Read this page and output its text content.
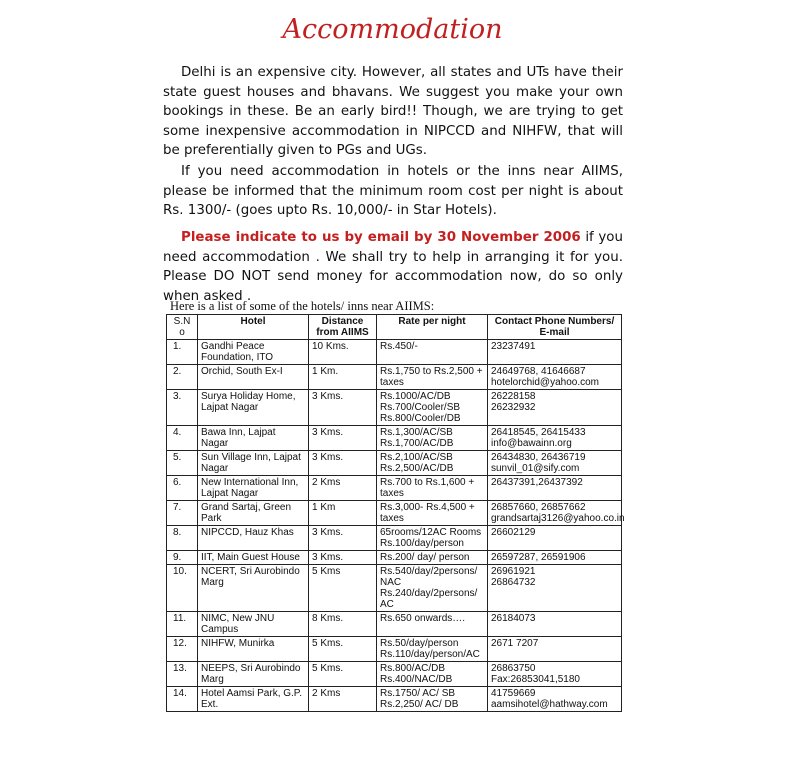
Accommodation

Delhi is an expensive city. However, all states and UTs have their state guest houses and bhavans. We suggest you make your own bookings in these. Be an early bird!! Though, we are trying to get some inexpensive accommodation in NIPCCD and NIHFW, that will be preferentially given to PGs and UGs.

If you need accommodation in hotels or the inns near AIIMS, please be informed that the minimum room cost per night is about Rs. 1300/- (goes upto Rs. 10,000/- in Star Hotels).

Please indicate to us by email by 30 November 2006 if you need accommodation . We shall try to help in arranging it for you. Please DO NOT send money for accommodation now, do so only when asked .

Here is a list of some of the hotels/ inns near AIIMS:
S.N o	Hotel	Distance from AIIMS	Rate per night	Contact Phone Numbers/ E-mail
1.	Gandhi Peace Foundation, ITO	10 Kms.	Rs.450/-	23237491

2.	Orchid, South Ex-I	1 Km.	Rs.1,750 to Rs.2,500 + taxes	24649768, 41646687
hotelorchid@yahoo.com

3.	Surya Holiday Home, Lajpat Nagar	3 Kms.	Rs.1000/AC/DB
Rs.700/Cooler/SB
Rs.800/Cooler/DB	26228158
26232932

4.	Bawa Inn, Lajpat Nagar	3 Kms.	Rs.1,300/AC/SB
Rs.1,700/AC/DB	26418545, 26415433
info@bawainn.org

5.	Sun Village Inn, Lajpat Nagar	3 Kms.	Rs.2,100/AC/SB
Rs.2,500/AC/DB	26434830, 26436719
sunvil_01@sify.com

6.	New International Inn, Lajpat Nagar	2 Kms	Rs.700 to Rs.1,600 + taxes	26437391,26437392

7.	Grand Sartaj, Green Park	1 Km	Rs.3,000- Rs.4,500 + taxes	26857660, 26857662
grandsartaj3126@yahoo.co.in

8.	NIPCCD, Hauz Khas	3 Kms.	65rooms/12AC Rooms
Rs.100/day/person	26602129

9.	IIT, Main Guest House	3 Kms.	Rs.200/ day/ person	26597287, 26591906

10.	NCERT, Sri Aurobindo Marg	5 Kms	Rs.540/day/2persons/ NAC
Rs.240/day/2persons/ AC	26961921
26864732

11.	NIMC, New JNU Campus	8 Kms.	Rs.650 onwards….	26184073

12.	NIHFW, Munirka	5 Kms.	Rs.50/day/person
Rs.110/day/person/AC	2671 7207

13.	NEEPS, Sri Aurobindo Marg	5 Kms.	Rs.800/AC/DB
Rs.400/NAC/DB	26863750
Fax:26853041,5180

14.	Hotel Aamsi Park, G.P. Ext.	2 Kms	Rs.1750/ AC/ SB
Rs.2,250/ AC/ DB	41759669
aamsihotel@hathway.com
